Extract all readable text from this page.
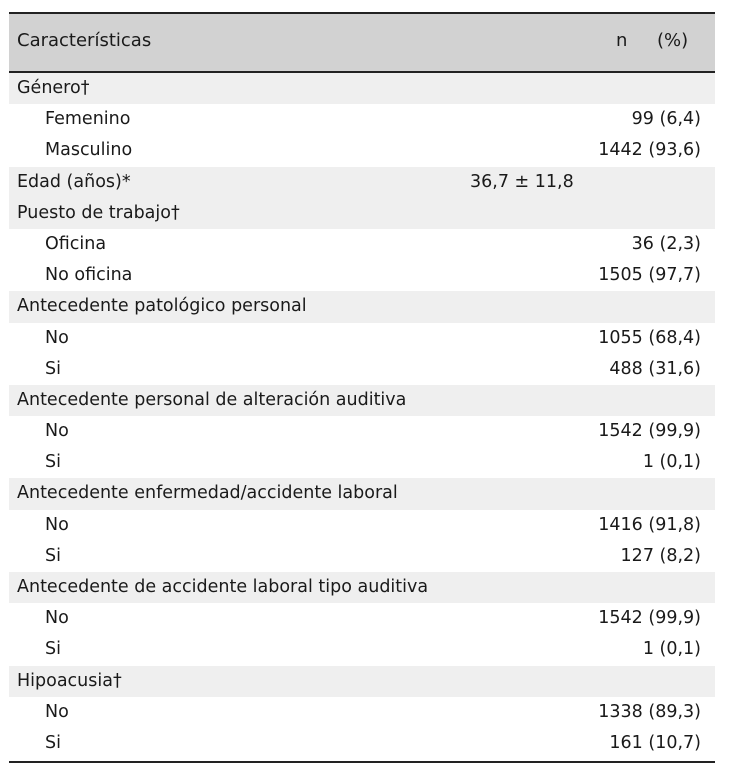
Características	n (%)
Género†
Femenino	99 (6,4)
Masculino	1442 (93,6)
Edad (años)*	36,7 ± 11,8
Puesto de trabajo†
Oficina	36 (2,3)
No oficina	1505 (97,7)
Antecedente patológico personal
No	1055 (68,4)
Si	488 (31,6)
Antecedente personal de alteración auditiva
No	1542 (99,9)
Si	1 (0,1)
Antecedente enfermedad/accidente laboral
No	1416 (91,8)
Si	127 (8,2)
Antecedente de accidente laboral tipo auditiva
No	1542 (99,9)
Si	1 (0,1)
Hipoacusia†
No	1338 (89,3)
Si	161 (10,7)
